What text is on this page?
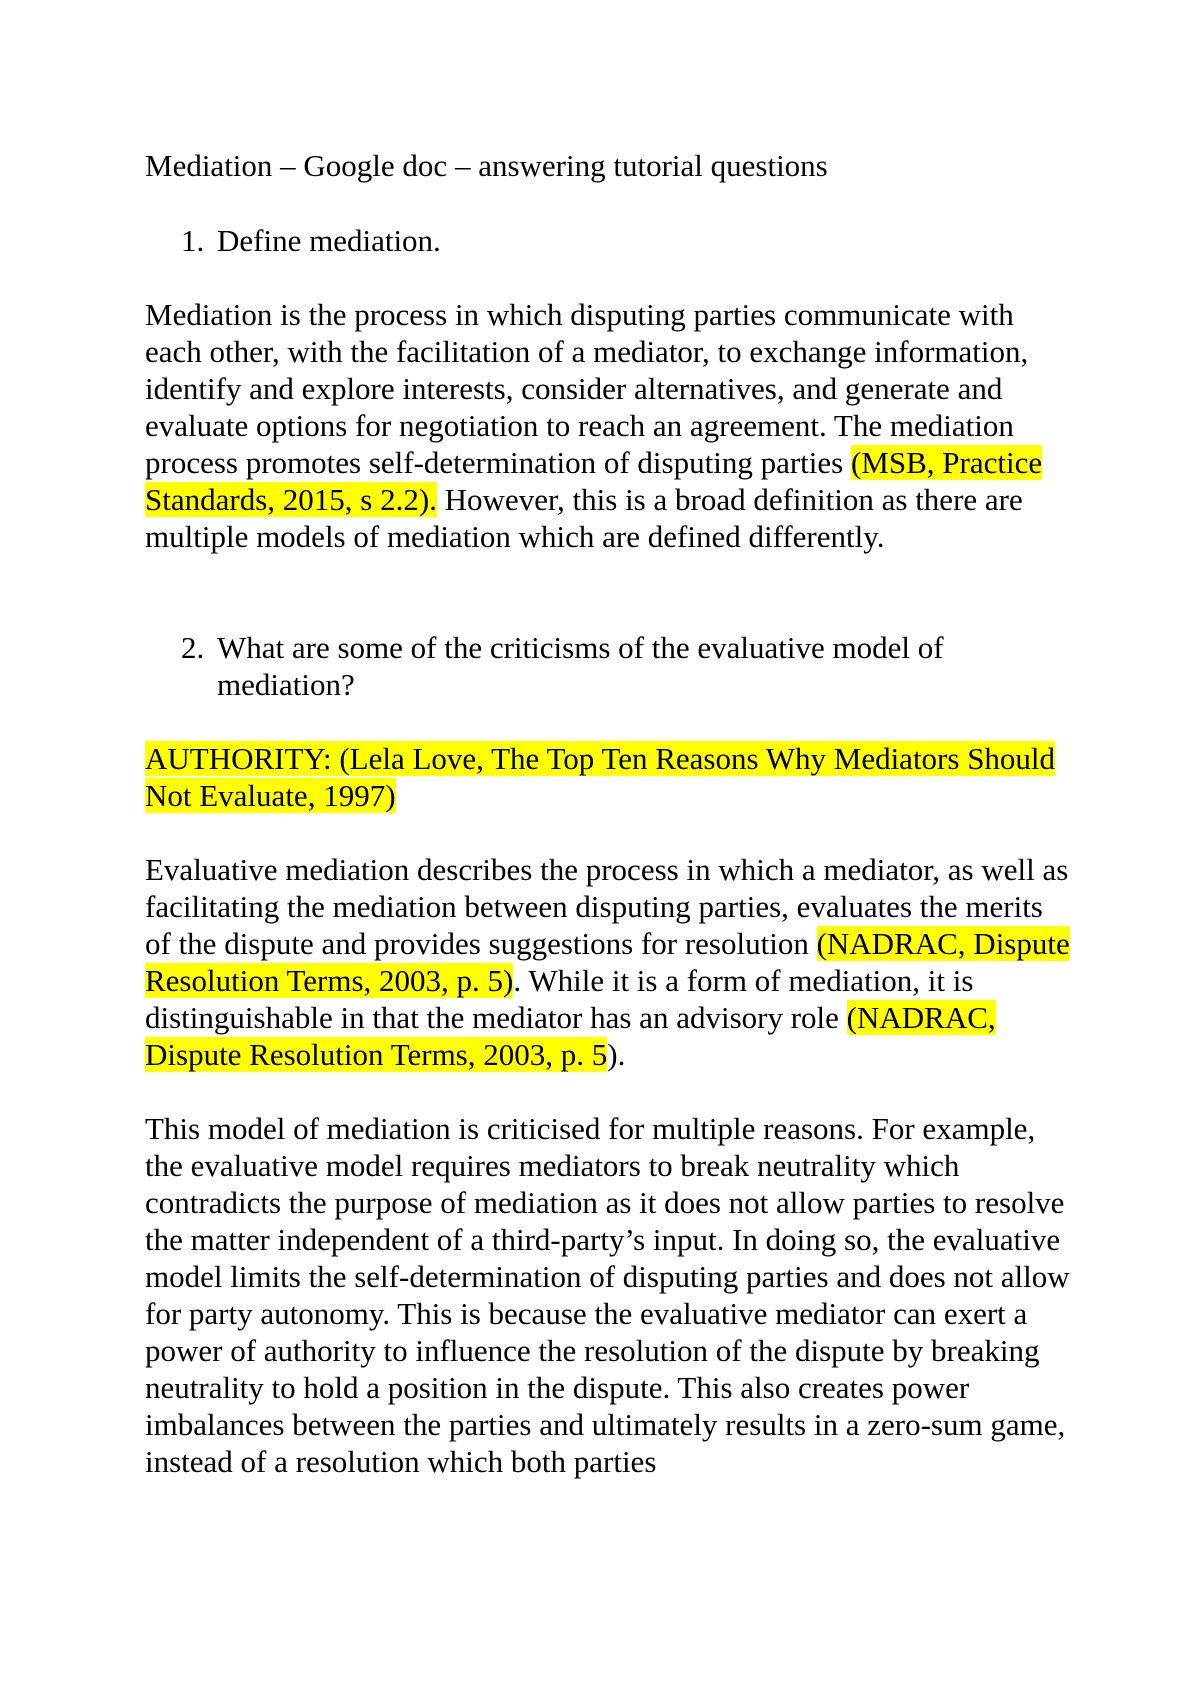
Mediation – Google doc – answering tutorial questions

1. Define mediation.

Mediation is the process in which disputing parties communicate with each other, with the facilitation of a mediator, to exchange information, identify and explore interests, consider alternatives, and generate and evaluate options for negotiation to reach an agreement. The mediation process promotes self-determination of disputing parties (MSB, Practice Standards, 2015, s 2.2). However, this is a broad definition as there are multiple models of mediation which are defined differently.

2. What are some of the criticisms of the evaluative model of mediation?

AUTHORITY: (Lela Love, The Top Ten Reasons Why Mediators Should Not Evaluate, 1997)

Evaluative mediation describes the process in which a mediator, as well as facilitating the mediation between disputing parties, evaluates the merits of the dispute and provides suggestions for resolution (NADRAC, Dispute Resolution Terms, 2003, p. 5). While it is a form of mediation, it is distinguishable in that the mediator has an advisory role (NADRAC, Dispute Resolution Terms, 2003, p. 5).

This model of mediation is criticised for multiple reasons. For example, the evaluative model requires mediators to break neutrality which contradicts the purpose of mediation as it does not allow parties to resolve the matter independent of a third-party’s input. In doing so, the evaluative model limits the self-determination of disputing parties and does not allow for party autonomy. This is because the evaluative mediator can exert a power of authority to influence the resolution of the dispute by breaking neutrality to hold a position in the dispute. This also creates power imbalances between the parties and ultimately results in a zero-sum game, instead of a resolution which both parties
